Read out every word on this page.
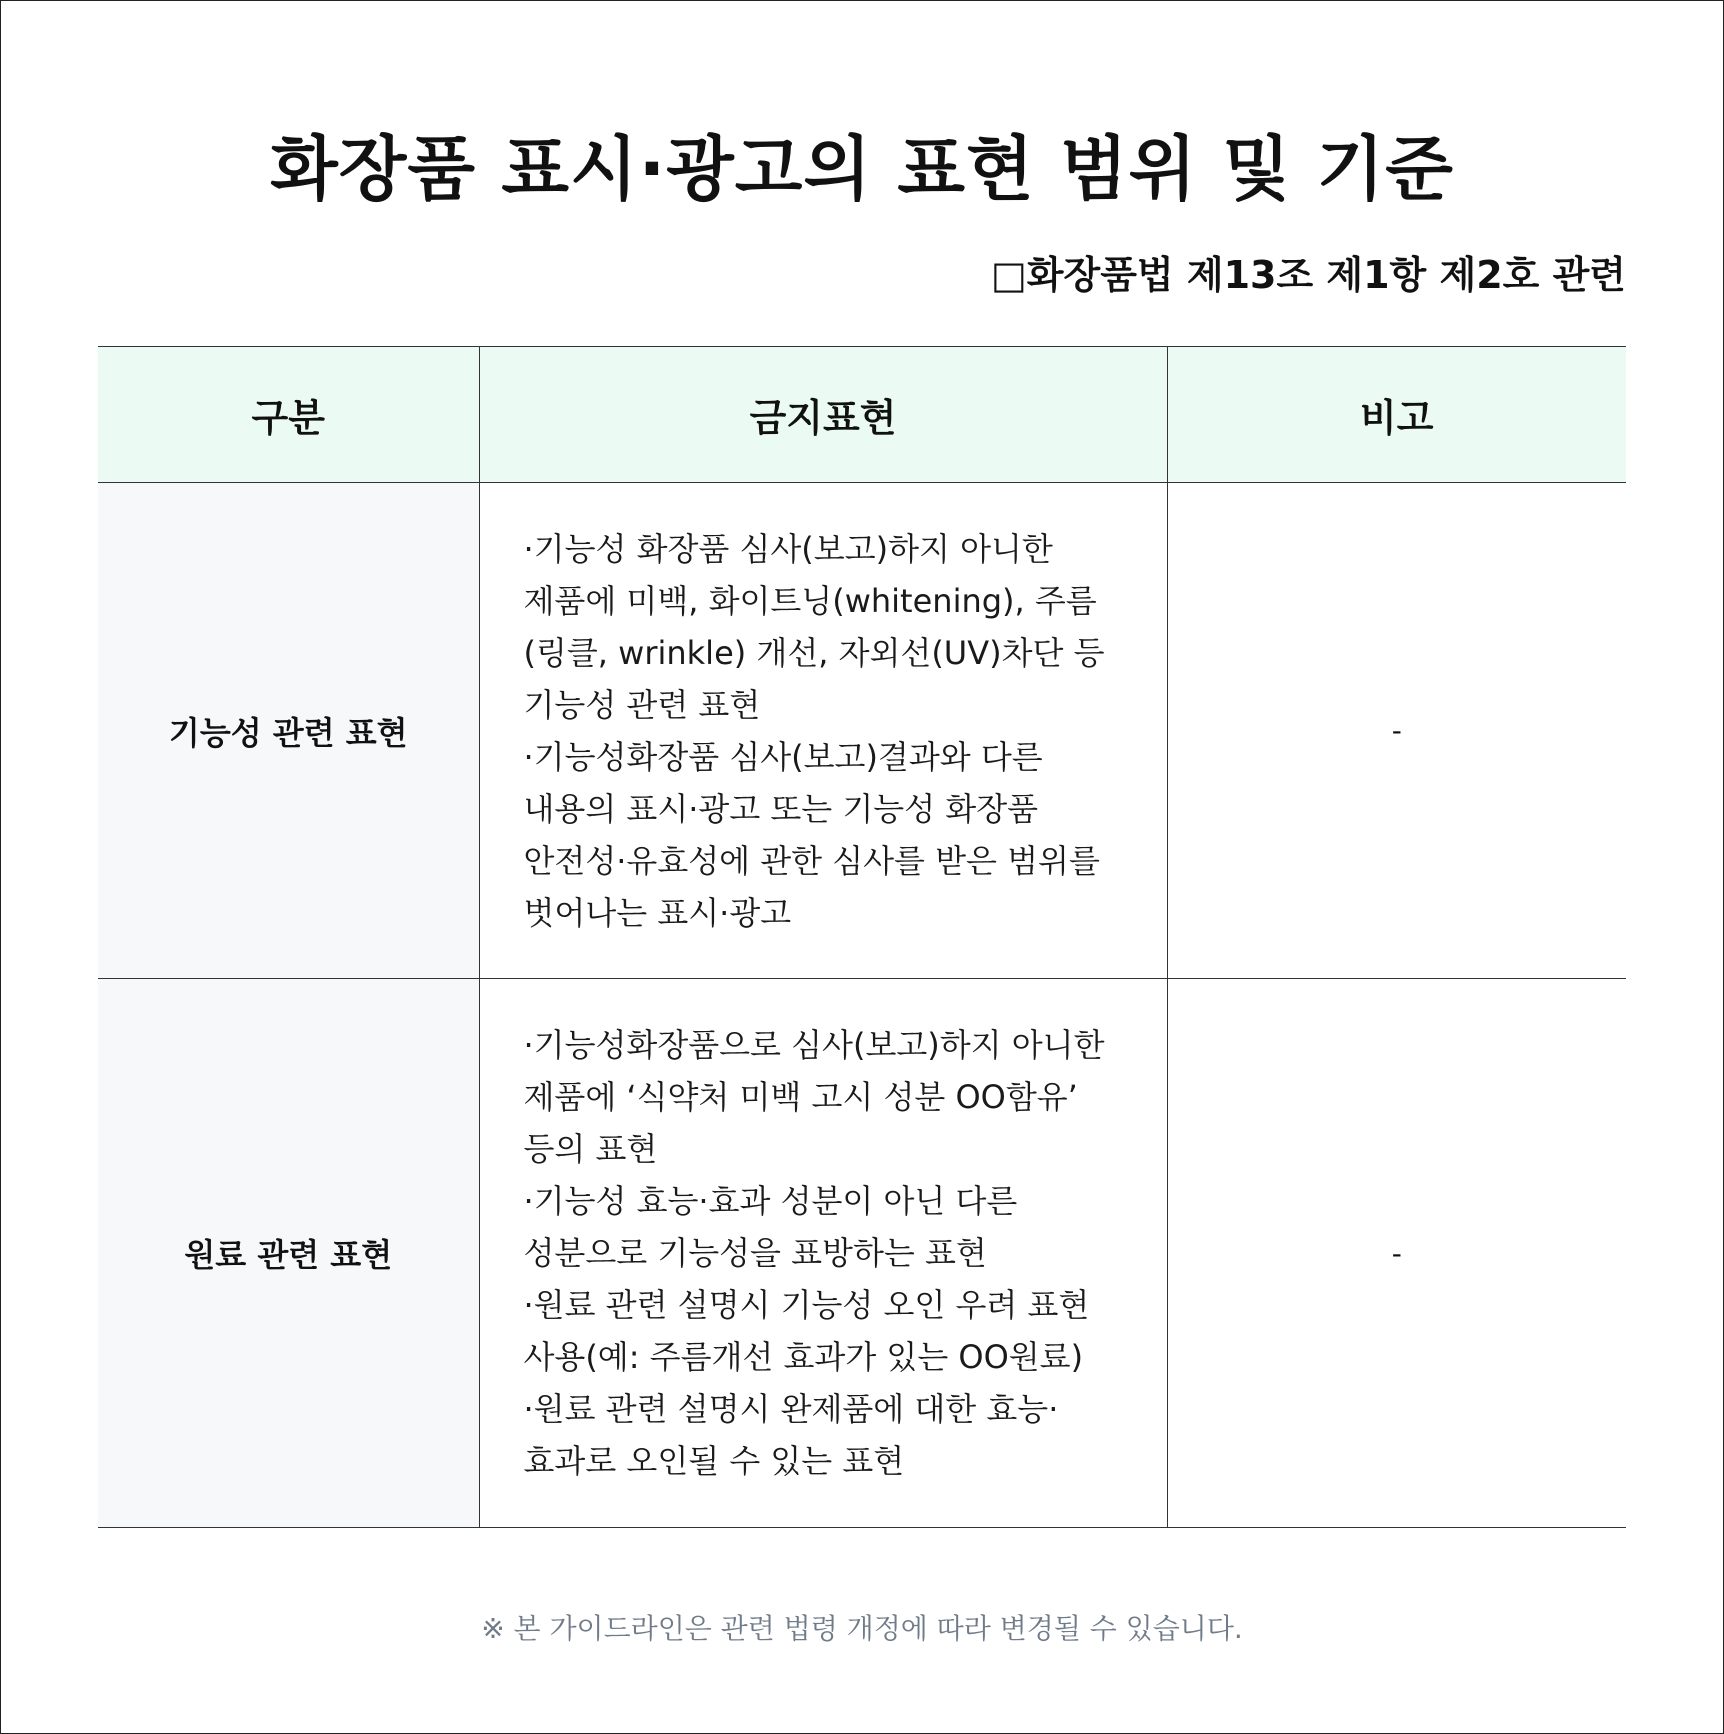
화장품 표시·광고의 표현 범위 및 기준
□화장품법 제13조 제1항 제2호 관련
구분	금지표현	비고
기능성 관련 표현	·기능성 화장품 심사(보고)하지 아니한 제품에 미백, 화이트닝(whitening), 주름(링클, wrinkle) 개선, 자외선(UV)차단 등 기능성 관련 표현
·기능성화장품 심사(보고)결과와 다른 내용의 표시·광고 또는 기능성 화장품 안전성·유효성에 관한 심사를 받은 범위를 벗어나는 표시·광고	-
원료 관련 표현	·기능성화장품으로 심사(보고)하지 아니한 제품에 ‘식약처 미백 고시 성분 OO함유’ 등의 표현
·기능성 효능·효과 성분이 아닌 다른 성분으로 기능성을 표방하는 표현
·원료 관련 설명시 기능성 오인 우려 표현 사용(예: 주름개선 효과가 있는 OO원료)
·원료 관련 설명시 완제품에 대한 효능·효과로 오인될 수 있는 표현	-
※ 본 가이드라인은 관련 법령 개정에 따라 변경될 수 있습니다.
